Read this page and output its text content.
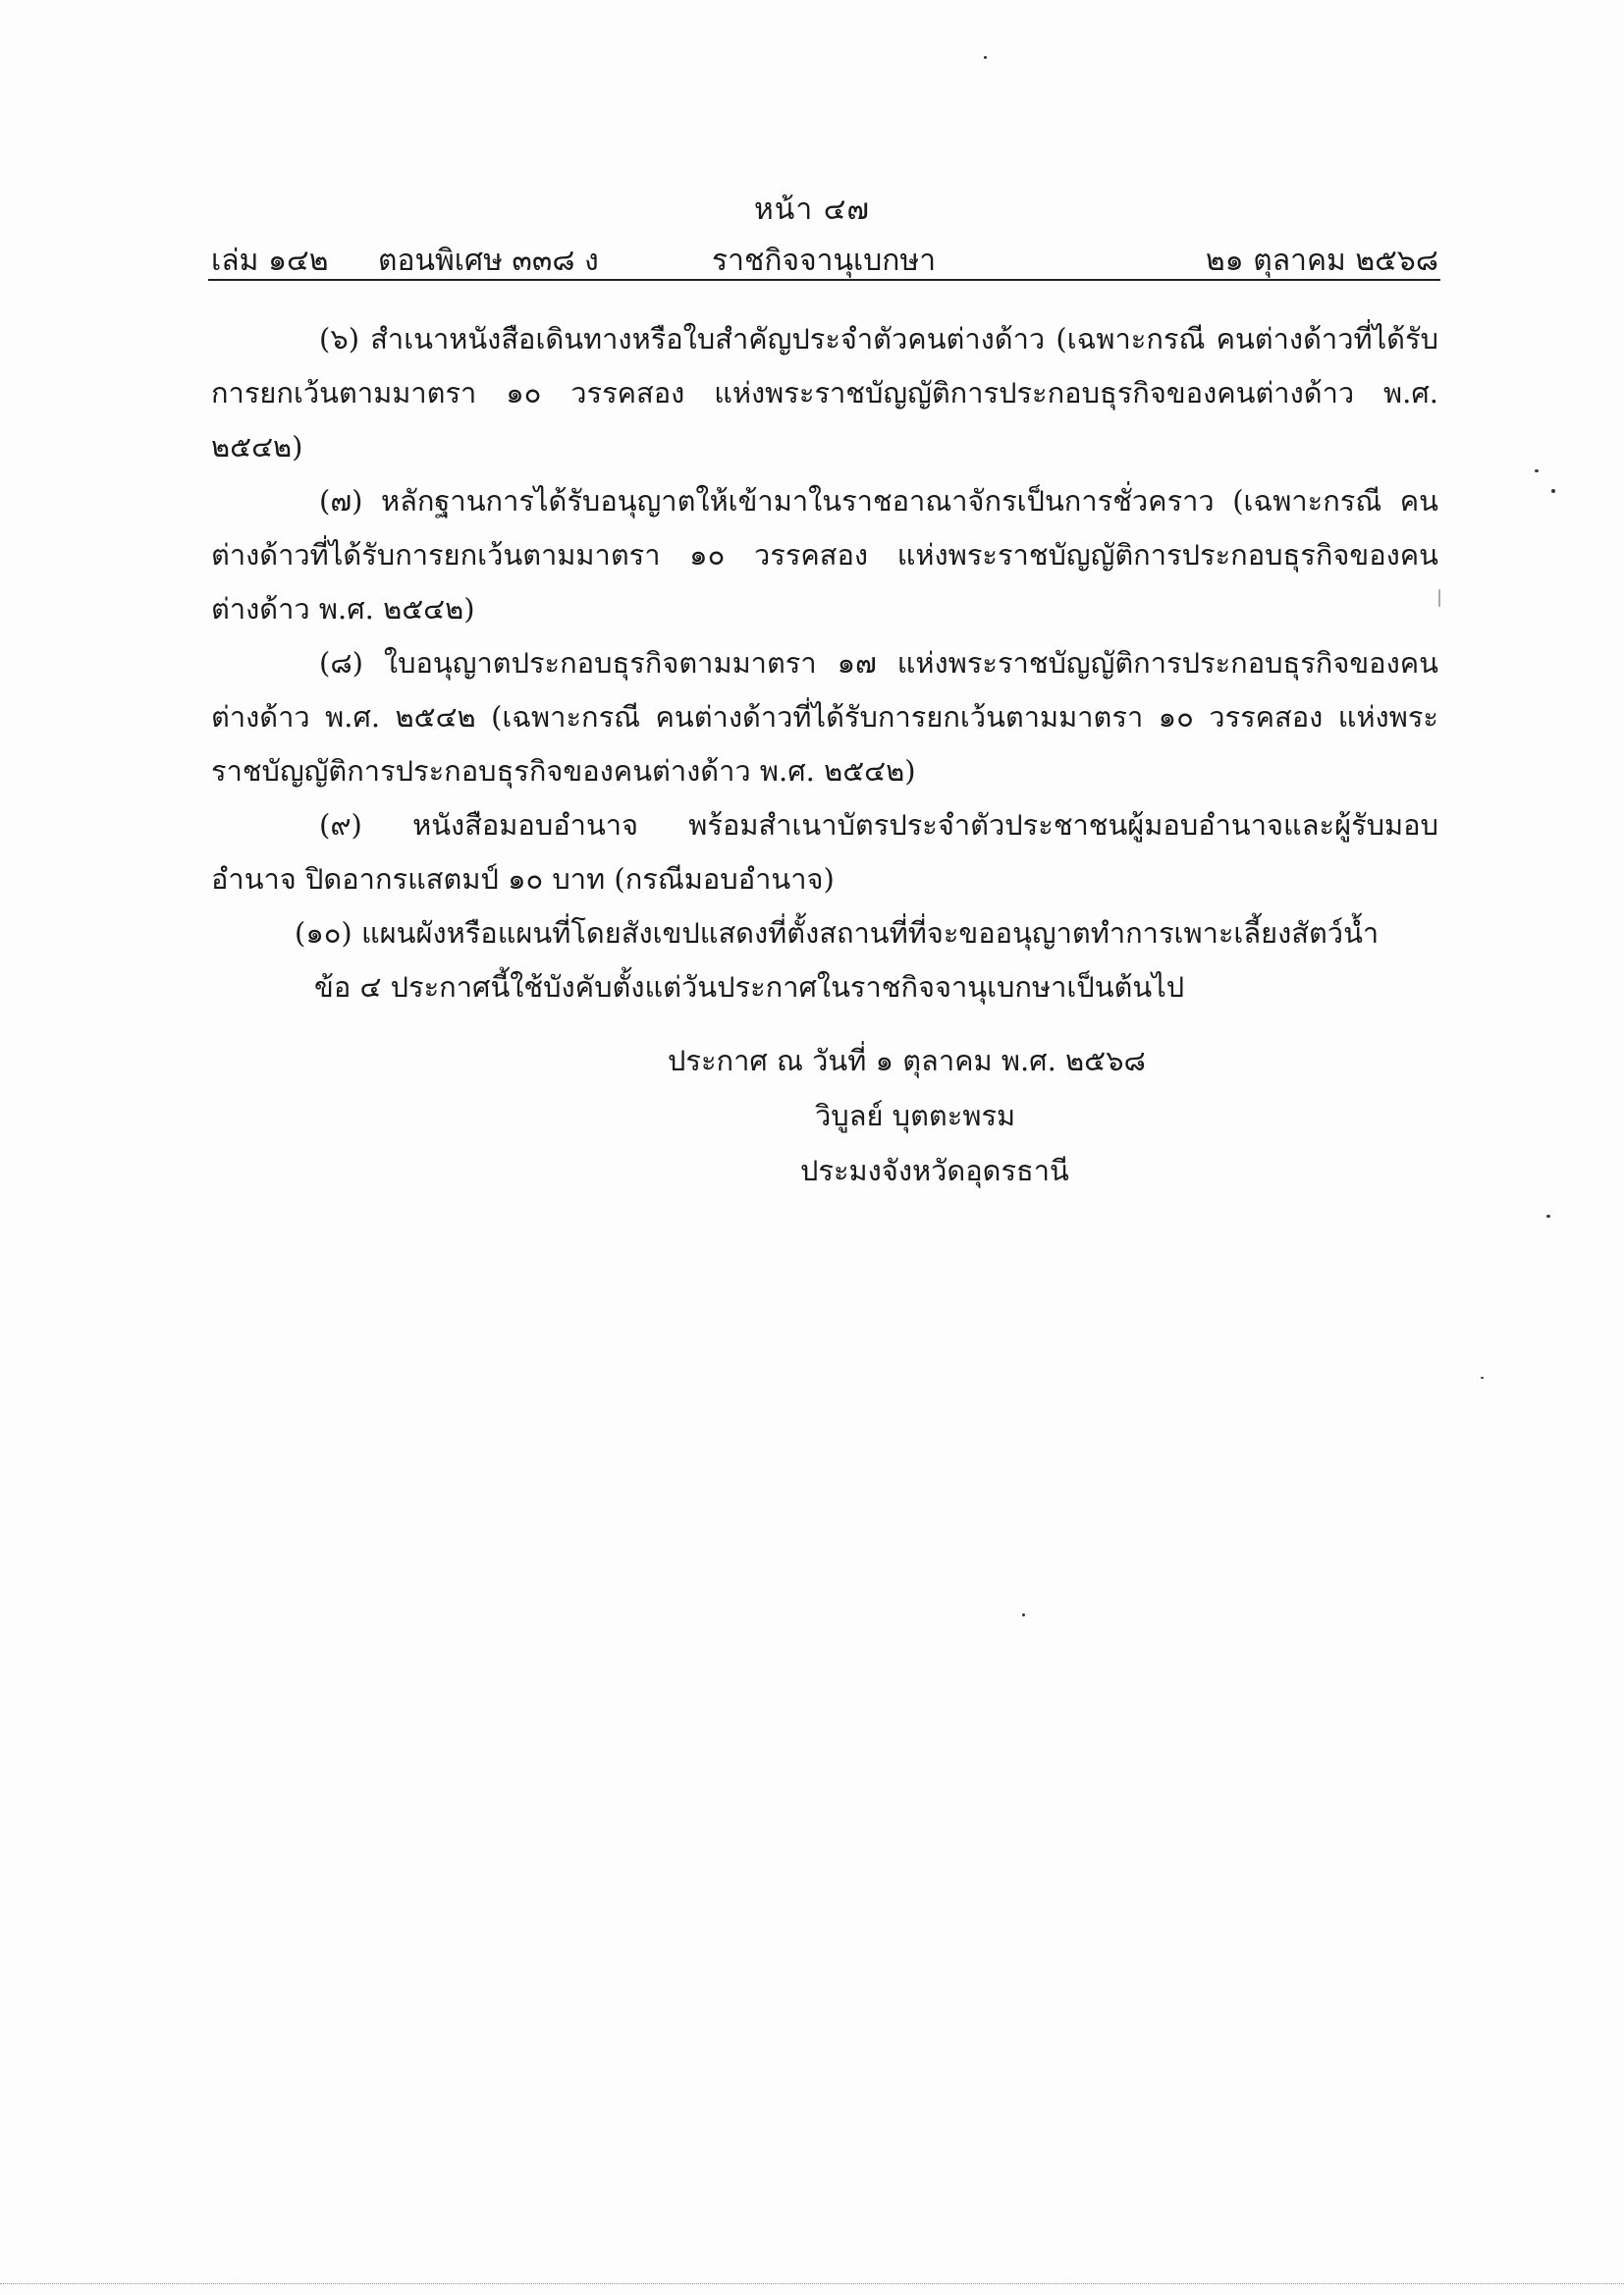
หน้า ๔๗
เล่ม ๑๔๒ ตอนพิเศษ ๓๓๘ ง	ราชกิจจานุเบกษา	๒๑ ตุลาคม ๒๕๖๘

(๖) สำเนาหนังสือเดินทางหรือใบสำคัญประจำตัวคนต่างด้าว (เฉพาะกรณี คนต่างด้าวที่ได้รับการยกเว้นตามมาตรา ๑๐ วรรคสอง แห่งพระราชบัญญัติการประกอบธุรกิจของคนต่างด้าว พ.ศ. ๒๕๔๒)

(๗) หลักฐานการได้รับอนุญาตให้เข้ามาในราชอาณาจักรเป็นการชั่วคราว (เฉพาะกรณี คนต่างด้าวที่ได้รับการยกเว้นตามมาตรา ๑๐ วรรคสอง แห่งพระราชบัญญัติการประกอบธุรกิจของคนต่างด้าว พ.ศ. ๒๕๔๒)

(๘) ใบอนุญาตประกอบธุรกิจตามมาตรา ๑๗ แห่งพระราชบัญญัติการประกอบธุรกิจของคนต่างด้าว พ.ศ. ๒๕๔๒ (เฉพาะกรณี คนต่างด้าวที่ได้รับการยกเว้นตามมาตรา ๑๐ วรรคสอง แห่งพระราชบัญญัติการประกอบธุรกิจของคนต่างด้าว พ.ศ. ๒๕๔๒)

(๙) หนังสือมอบอำนาจ พร้อมสำเนาบัตรประจำตัวประชาชนผู้มอบอำนาจและผู้รับมอบอำนาจ ปิดอากรแสตมป์ ๑๐ บาท (กรณีมอบอำนาจ)

(๑๐) แผนผังหรือแผนที่โดยสังเขปแสดงที่ตั้งสถานที่ที่จะขออนุญาตทำการเพาะเลี้ยงสัตว์น้ำ

ข้อ ๔ ประกาศนี้ใช้บังคับตั้งแต่วันประกาศในราชกิจจานุเบกษาเป็นต้นไป

ประกาศ ณ วันที่ ๑ ตุลาคม พ.ศ. ๒๕๖๘
วิบูลย์ บุตตะพรม
ประมงจังหวัดอุดรธานี
